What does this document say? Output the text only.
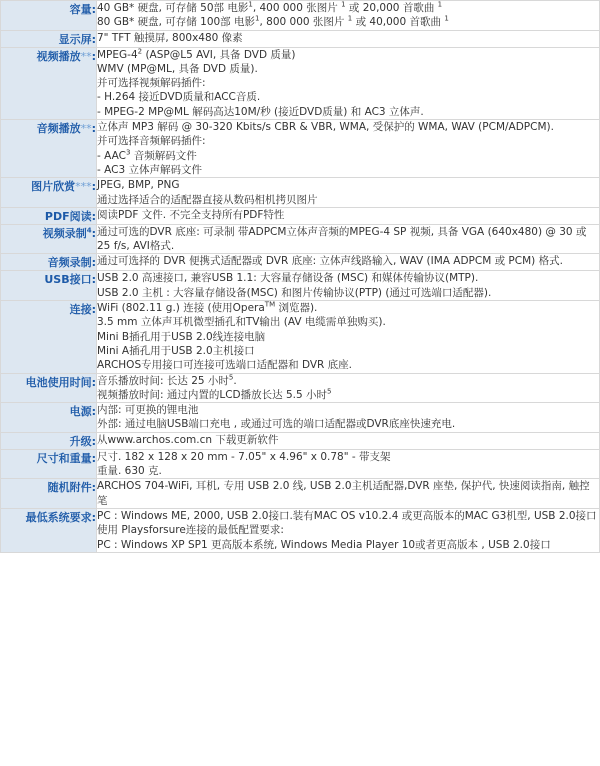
容量:	40 GB* 硬盘, 可存储 50部 电影$^1$, 400 000 张图片 $^1$ 或 20,000 首歌曲 $^1$
80 GB* 硬盘, 可存储 100部 电影$^1$, 800 000 张图片 $^1$ 或 40,000 首歌曲 $^1$

显示屏:	7" TFT 触摸屏, 800x480 像素

视频播放**:	MPEG-$4^2$ (ASP@L5 AVI, 具备 DVD 质量)
WMV (MP@ML, 具备 DVD 质量).
并可选择视频解码插件:
- H.264 接近DVD质量和ACC音质.
- MPEG-2 MP@ML 解码高达10M/秒 (接近DVD质量) 和 AC3 立体声.

音频播放**:	立体声 MP3 解码 @ 30-320 Kbits/s CBR & VBR, WMA, 受保护的 WMA, WAV (PCM/ADPCM).
并可选择音频解码插件:
- AAC$^3$ 音频解码文件
- AC3 立体声解码文件

图片欣赏***:	JPEG, BMP, PNG
通过选择适合的适配器直接从数码相机拷贝图片

PDF阅读:	阅读PDF 文件. 不完全支持所有PDF特性

视频录制$^4$:	通过可选的DVR 底座: 可录制 带ADPCM立体声音频的MPEG-4 SP 视频, 具备 VGA (640x480) @ 30 或 25 f/s, AVI格式.

音频录制:	通过可选择的 DVR 便携式适配器或 DVR 底座: 立体声线路输入, WAV (IMA ADPCM 或 PCM) 格式.

USB接口:	USB 2.0 高速接口, 兼容USB 1.1: 大容量存储设备 (MSC) 和媒体传输协议(MTP).
USB 2.0 主机 : 大容量存储设备(MSC) 和图片传输协议(PTP) (通过可选端口适配器).

连接:	WiFi (802.11 g.) 连接 (使用Opera™ 浏览器).
3.5 mm 立体声耳机微型插孔和TV输出 (AV 电缆需单独购买).
Mini B插孔用于USB 2.0线连接电脑
Mini A插孔用于USB 2.0主机接口
ARCHOS专用接口可连接可选端口适配器和 DVR 底座.

电池使用时间:	音乐播放时间: 长达 25 小时$^5$.
视频播放时间: 通过内置的LCD播放长达 5.5 小时$^5$

电源:	内部: 可更换的锂电池
外部: 通过电脑USB端口充电 , 或通过可选的端口适配器或DVR底座快速充电.

升级:	从www.archos.com.cn 下载更新软件

尺寸和重量:	尺寸. 182 x 128 x 20 mm - 7.05" x 4.96" x 0.78" - 带支架
重量. 630 克.

随机附件:	ARCHOS 704-WiFi, 耳机, 专用 USB 2.0 线, USB 2.0主机适配器,DVR 座垫, 保护代, 快速阅读指南, 触控笔

最低系统要求:	PC : Windows ME, 2000, USB 2.0接口.装有MAC OS v10.2.4 或更高版本的MAC G3机型, USB 2.0接口
使用 Playsforsure连接的最低配置要求:
PC : Windows XP SP1 更高版本系统, Windows Media Player 10或者更高版本 , USB 2.0接口
